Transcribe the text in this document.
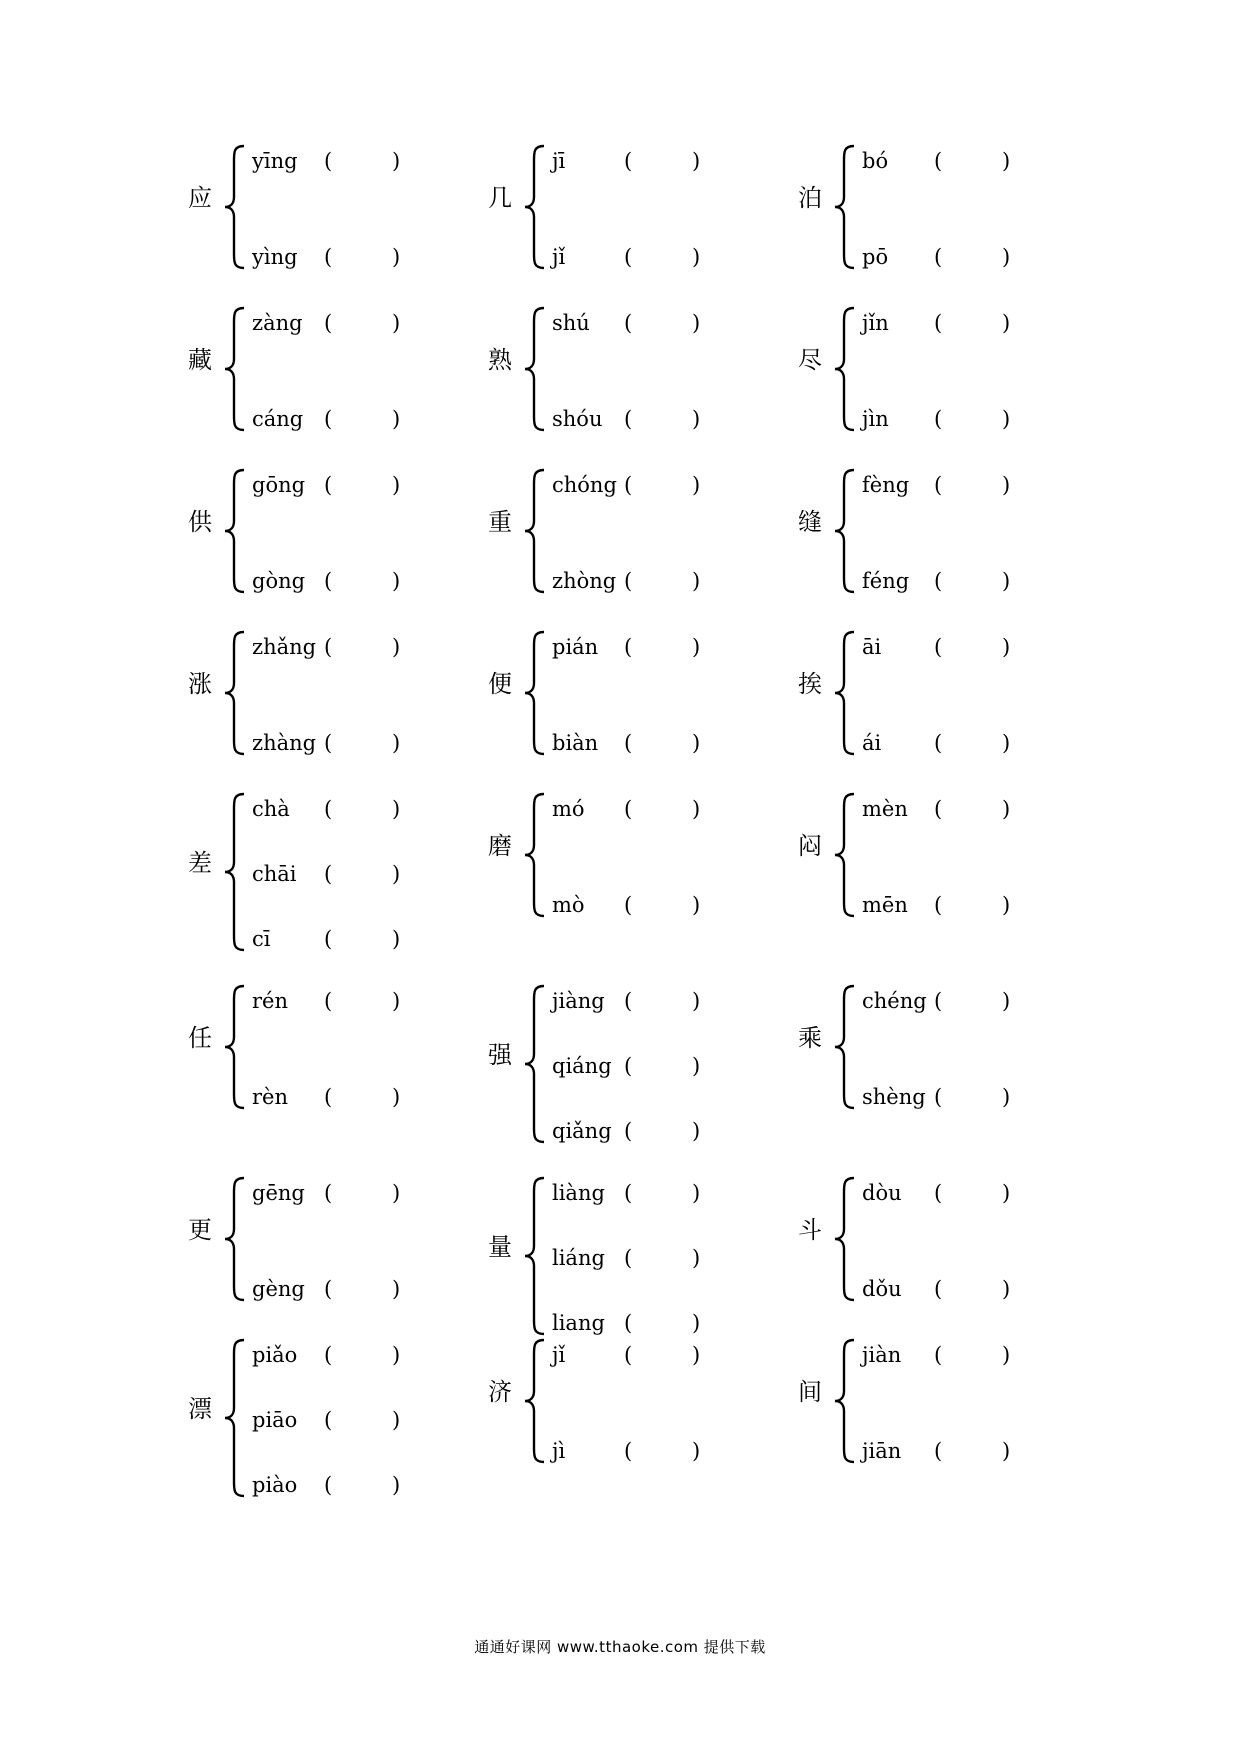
应
yīng (	)
yìng (	)
几
jī	(	)
jǐ	(	)
泊
bó (	)
pō (	)
藏
zàng (	)
cáng (	)
熟
shú (	)
shóu (	)
尽
jǐn (	)
jìn (	)
供
gōng (	)
gòng (	)
重
chóng (	)
zhòng (	)
缝
fèng (	)
féng (	)
涨
zhǎng (	)
zhàng (	)
便
pián (	)
biàn (	)
挨
āi	(	)
ái	(	)
差
chà (	)
chāi (	)
cī	(	)
磨
mó (	)
mò (	)
闷
mèn (	)
mēn (	)
任
rén (	)
rèn (	)
强
jiàng (	)
qiáng (	)
qiǎng (	)
乘
chéng (	)
shèng (	)
更
gēng (	)
gèng (	)
量
liàng (	)
liáng (	)
liang (	)
斗
dòu (	)
dǒu (	)
漂
piǎo (	)
piāo (	)
piào (	)
济
jǐ	(	)
jì	(	)
间
jiàn (	)
jiān (	)
通通好课网 www.tthaoke.com 提供下载
